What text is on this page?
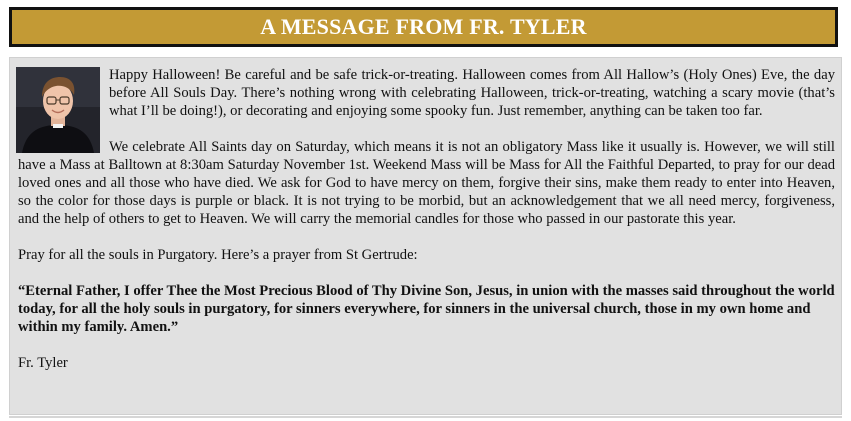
A MESSAGE FROM FR. TYLER

Happy Halloween! Be careful and be safe trick-or-treating. Halloween comes from All Hallow’s (Holy Ones) Eve, the day before All Souls Day. There’s nothing wrong with celebrating Halloween, trick-or-treating, watching a scary movie (that’s what I’ll be doing!), or decorating and enjoying some spooky fun. Just remember, anything can be taken too far.

We celebrate All Saints day on Saturday, which means it is not an obligatory Mass like it usually is. However, we will still have a Mass at Balltown at 8:30am Saturday November 1st. Weekend Mass will be Mass for All the Faithful Departed, to pray for our dead loved ones and all those who have died. We ask for God to have mercy on them, forgive their sins, make them ready to enter into Heaven, so the color for those days is purple or black. It is not trying to be morbid, but an acknowledgement that we all need mercy, forgiveness, and the help of others to get to Heaven. We will carry the memorial candles for those who passed in our pastorate this year.

Pray for all the souls in Purgatory. Here’s a prayer from St Gertrude:

“Eternal Father, I offer Thee the Most Precious Blood of Thy Divine Son, Jesus, in union with the masses said throughout the world today, for all the holy souls in purgatory, for sinners everywhere, for sinners in the universal church, those in my own home and within my family. Amen.”

Fr. Tyler
